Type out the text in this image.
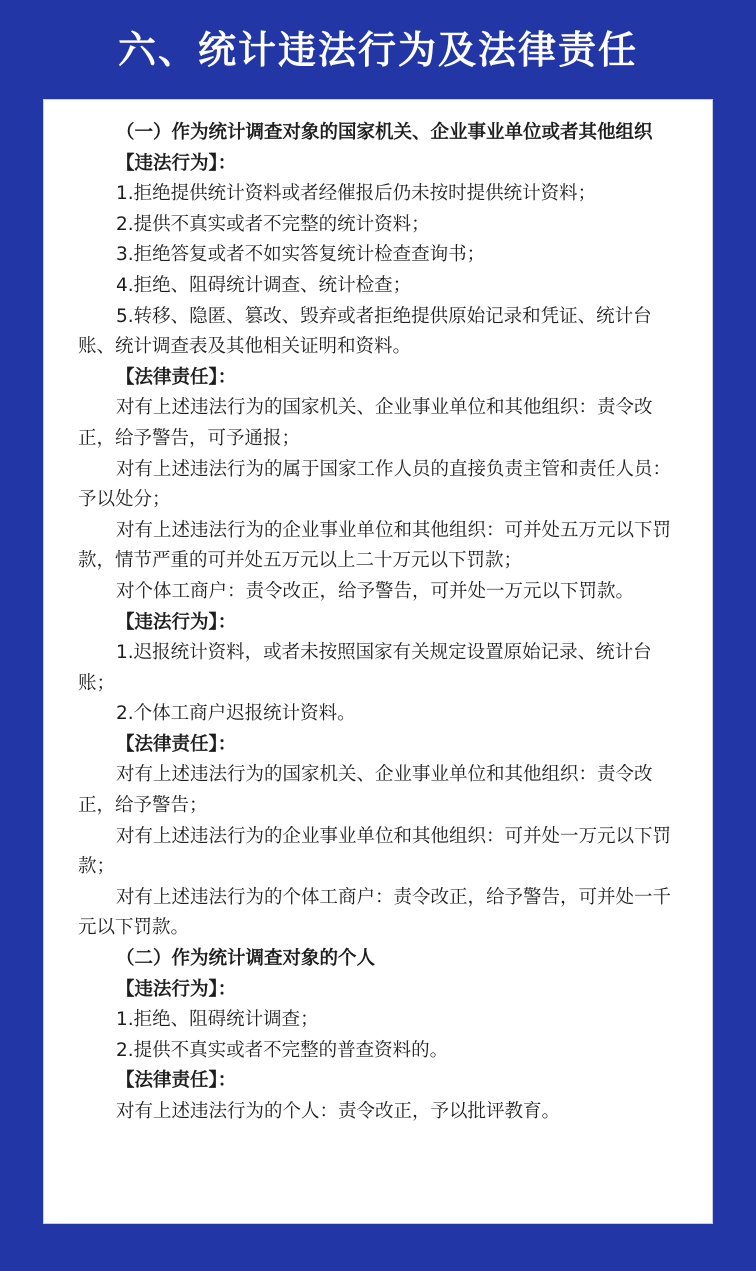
六、统计违法行为及法律责任

（一）作为统计调查对象的国家机关、企业事业单位或者其他组织

【违法行为】：

1.拒绝提供统计资料或者经催报后仍未按时提供统计资料；

2.提供不真实或者不完整的统计资料；

3.拒绝答复或者不如实答复统计检查查询书；

4.拒绝、阻碍统计调查、统计检查；

5.转移、隐匿、篡改、毁弃或者拒绝提供原始记录和凭证、统计台账、统计调查表及其他相关证明和资料。

【法律责任】：

对有上述违法行为的国家机关、企业事业单位和其他组织：责令改正，给予警告，可予通报；

对有上述违法行为的属于国家工作人员的直接负责主管和责任人员：予以处分；

对有上述违法行为的企业事业单位和其他组织：可并处五万元以下罚款，情节严重的可并处五万元以上二十万元以下罚款；

对个体工商户：责令改正，给予警告，可并处一万元以下罚款。

【违法行为】：

1.迟报统计资料，或者未按照国家有关规定设置原始记录、统计台账；

2.个体工商户迟报统计资料。

【法律责任】：

对有上述违法行为的国家机关、企业事业单位和其他组织：责令改正，给予警告；

对有上述违法行为的企业事业单位和其他组织：可并处一万元以下罚款；

对有上述违法行为的个体工商户：责令改正，给予警告，可并处一千元以下罚款。

（二）作为统计调查对象的个人

【违法行为】：

1.拒绝、阻碍统计调查；

2.提供不真实或者不完整的普查资料的。

【法律责任】：

对有上述违法行为的个人：责令改正，予以批评教育。
